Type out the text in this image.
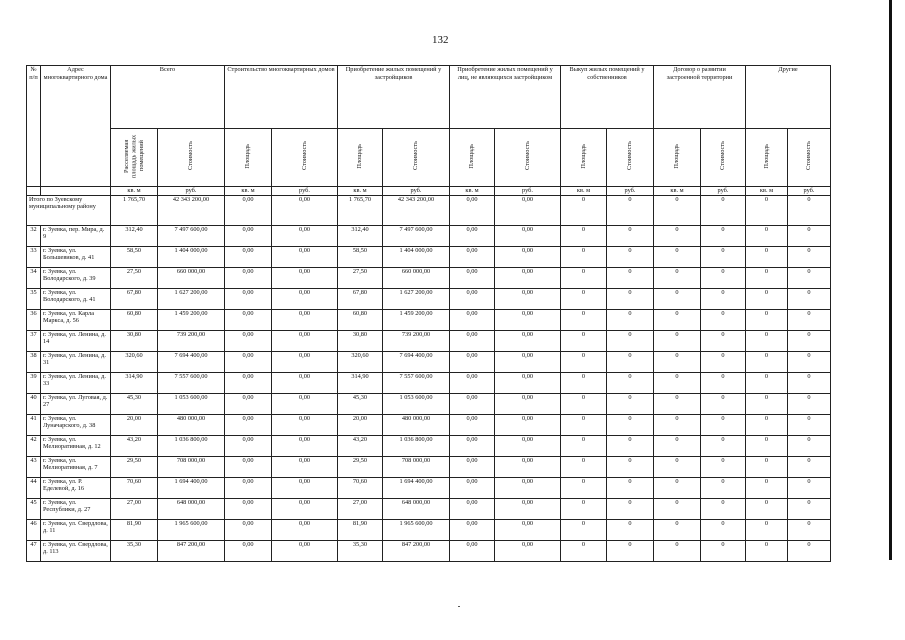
132
№ п/п	Адрес многоквартирного дома	Всего		Строительство многоквартирных домов		Приобретение жилых помещений у застройщиков		Приобретение жилых помещений у лиц, не являющихся застройщиком		Выкуп жилых помещений у собственников		Договор о развитии застроенной территории		Другие	
		Расселяемая площадь жилых помещений	Стоимость	Площадь	Стоимость	Площадь	Стоимость	Площадь	Стоимость	Площадь	Стоимость	Площадь	Стоимость	Площадь	Стоимость
		кв. м	руб.	кв. м	руб.	кв. м	руб.	кв. м	руб.	кв. м	руб.	кв. м	руб.	кв. м	руб.
Итого по Зуевскому муниципальному району		1 765,70	42 343 200,00	0,00	0,00	1 765,70	42 343 200,00	0,00	0,00	0	0	0	0	0	0
32	г. Зуевка, пер. Мира, д. 9	312,40	7 497 600,00	0,00	0,00	312,40	7 497 600,00	0,00	0,00	0	0	0	0	0	0
33	г. Зуевка, ул. Большевиков, д. 41	58,50	1 404 000,00	0,00	0,00	58,50	1 404 000,00	0,00	0,00	0	0	0	0	0	0
34	г. Зуевка, ул. Володарского, д. 39	27,50	660 000,00	0,00	0,00	27,50	660 000,00	0,00	0,00	0	0	0	0	0	0
35	г. Зуевка, ул. Володарского, д. 41	67,80	1 627 200,00	0,00	0,00	67,80	1 627 200,00	0,00	0,00	0	0	0	0	0	0
36	г. Зуевка, ул. Карла Маркса, д. 56	60,80	1 459 200,00	0,00	0,00	60,80	1 459 200,00	0,00	0,00	0	0	0	0	0	0
37	г. Зуевка, ул. Ленина, д. 14	30,80	739 200,00	0,00	0,00	30,80	739 200,00	0,00	0,00	0	0	0	0	0	0
38	г. Зуевка, ул. Ленина, д. 31	320,60	7 694 400,00	0,00	0,00	320,60	7 694 400,00	0,00	0,00	0	0	0	0	0	0
39	г. Зуевка, ул. Ленина, д. 33	314,90	7 557 600,00	0,00	0,00	314,90	7 557 600,00	0,00	0,00	0	0	0	0	0	0
40	г. Зуевка, ул. Луговая, д. 27	45,30	1 053 600,00	0,00	0,00	45,30	1 053 600,00	0,00	0,00	0	0	0	0	0	0
41	г. Зуевка, ул. Луначарского, д. 38	20,00	480 000,00	0,00	0,00	20,00	480 000,00	0,00	0,00	0	0	0	0	0	0
42	г. Зуевка, ул. Мелиоративная, д. 12	43,20	1 036 800,00	0,00	0,00	43,20	1 036 800,00	0,00	0,00	0	0	0	0	0	0
43	г. Зуевка, ул. Мелиоративная, д. 7	29,50	708 000,00	0,00	0,00	29,50	708 000,00	0,00	0,00	0	0	0	0	0	0
44	г. Зуевка, ул. Р. Еделевой, д. 16	70,60	1 694 400,00	0,00	0,00	70,60	1 694 400,00	0,00	0,00	0	0	0	0	0	0
45	г. Зуевка, ул. Республики, д. 27	27,00	648 000,00	0,00	0,00	27,00	648 000,00	0,00	0,00	0	0	0	0	0	0
46	г. Зуевка, ул. Свердлова, д. 11	81,90	1 965 600,00	0,00	0,00	81,90	1 965 600,00	0,00	0,00	0	0	0	0	0	0
47	г. Зуевка, ул. Свердлова, д. 113	35,30	847 200,00	0,00	0,00	35,30	847 200,00	0,00	0,00	0	0	0	0	0	0
